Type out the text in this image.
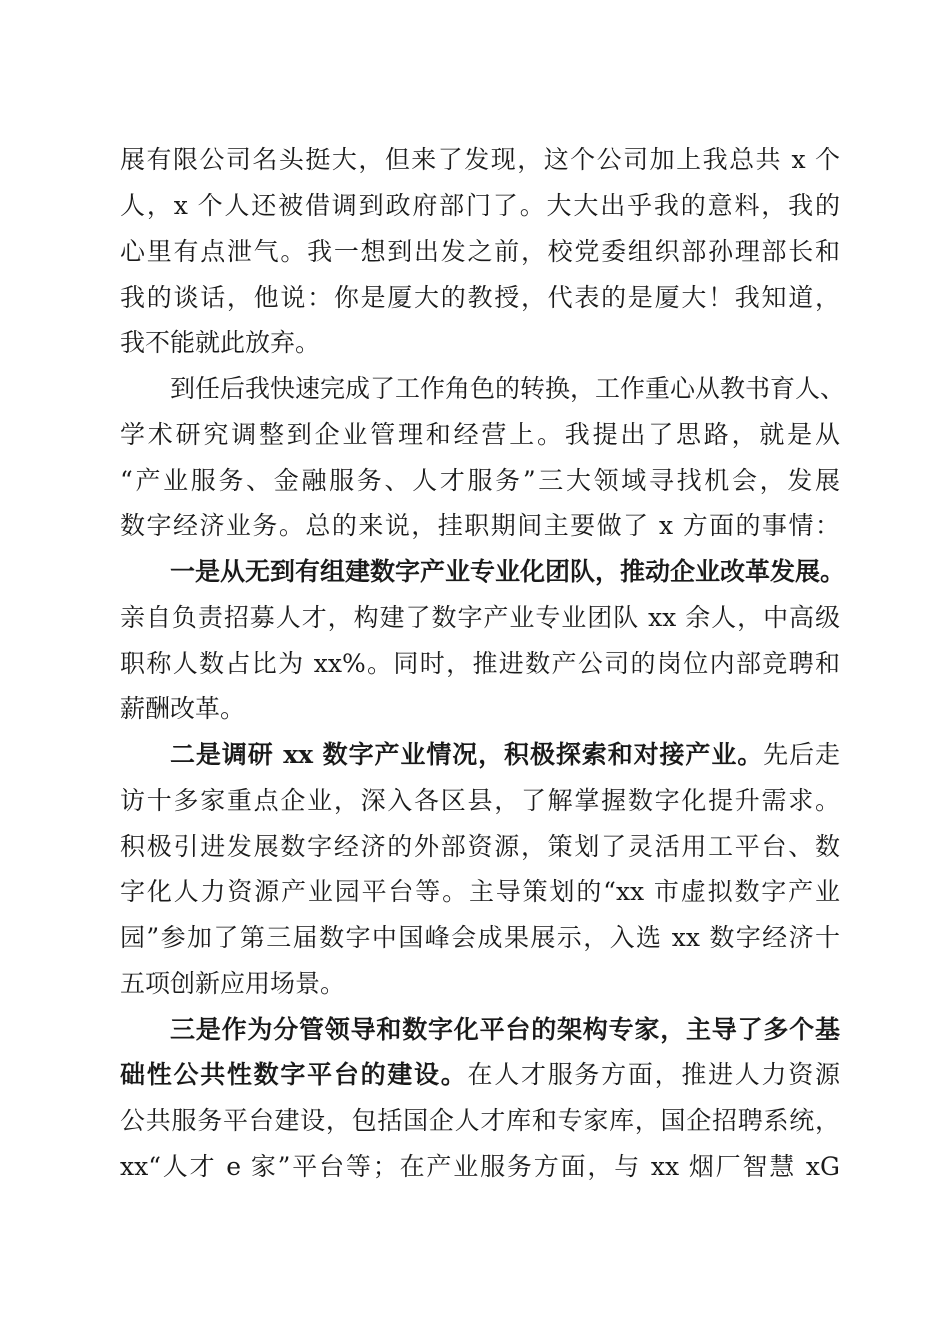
展有限公司名头挺大，但来了发现，这个公司加上我总共 x 个
人，x 个人还被借调到政府部门了。大大出乎我的意料，我的
心里有点泄气。我一想到出发之前，校党委组织部孙理部长和
我的谈话，他说：你是厦大的教授，代表的是厦大！我知道，
我不能就此放弃。
到任后我快速完成了工作角色的转换，工作重心从教书育人、
学术研究调整到企业管理和经营上。我提出了思路，就是从
“产业服务、金融服务、人才服务”三大领域寻找机会，发展
数字经济业务。总的来说，挂职期间主要做了 x 方面的事情：
一是从无到有组建数字产业专业化团队，推动企业改革发展。
亲自负责招募人才，构建了数字产业专业团队 xx 余人，中高级
职称人数占比为 xx%。同时，推进数产公司的岗位内部竞聘和
薪酬改革。
二是调研 xx 数字产业情况，积极探索和对接产业。先后走
访十多家重点企业，深入各区县，了解掌握数字化提升需求。
积极引进发展数字经济的外部资源，策划了灵活用工平台、数
字化人力资源产业园平台等。主导策划的“xx 市虚拟数字产业
园”参加了第三届数字中国峰会成果展示，入选 xx 数字经济十
五项创新应用场景。
三是作为分管领导和数字化平台的架构专家，主导了多个基
础性公共性数字平台的建设。在人才服务方面，推进人力资源
公共服务平台建设，包括国企人才库和专家库，国企招聘系统，
xx“人才 e 家”平台等；在产业服务方面，与 xx 烟厂智慧 xG
